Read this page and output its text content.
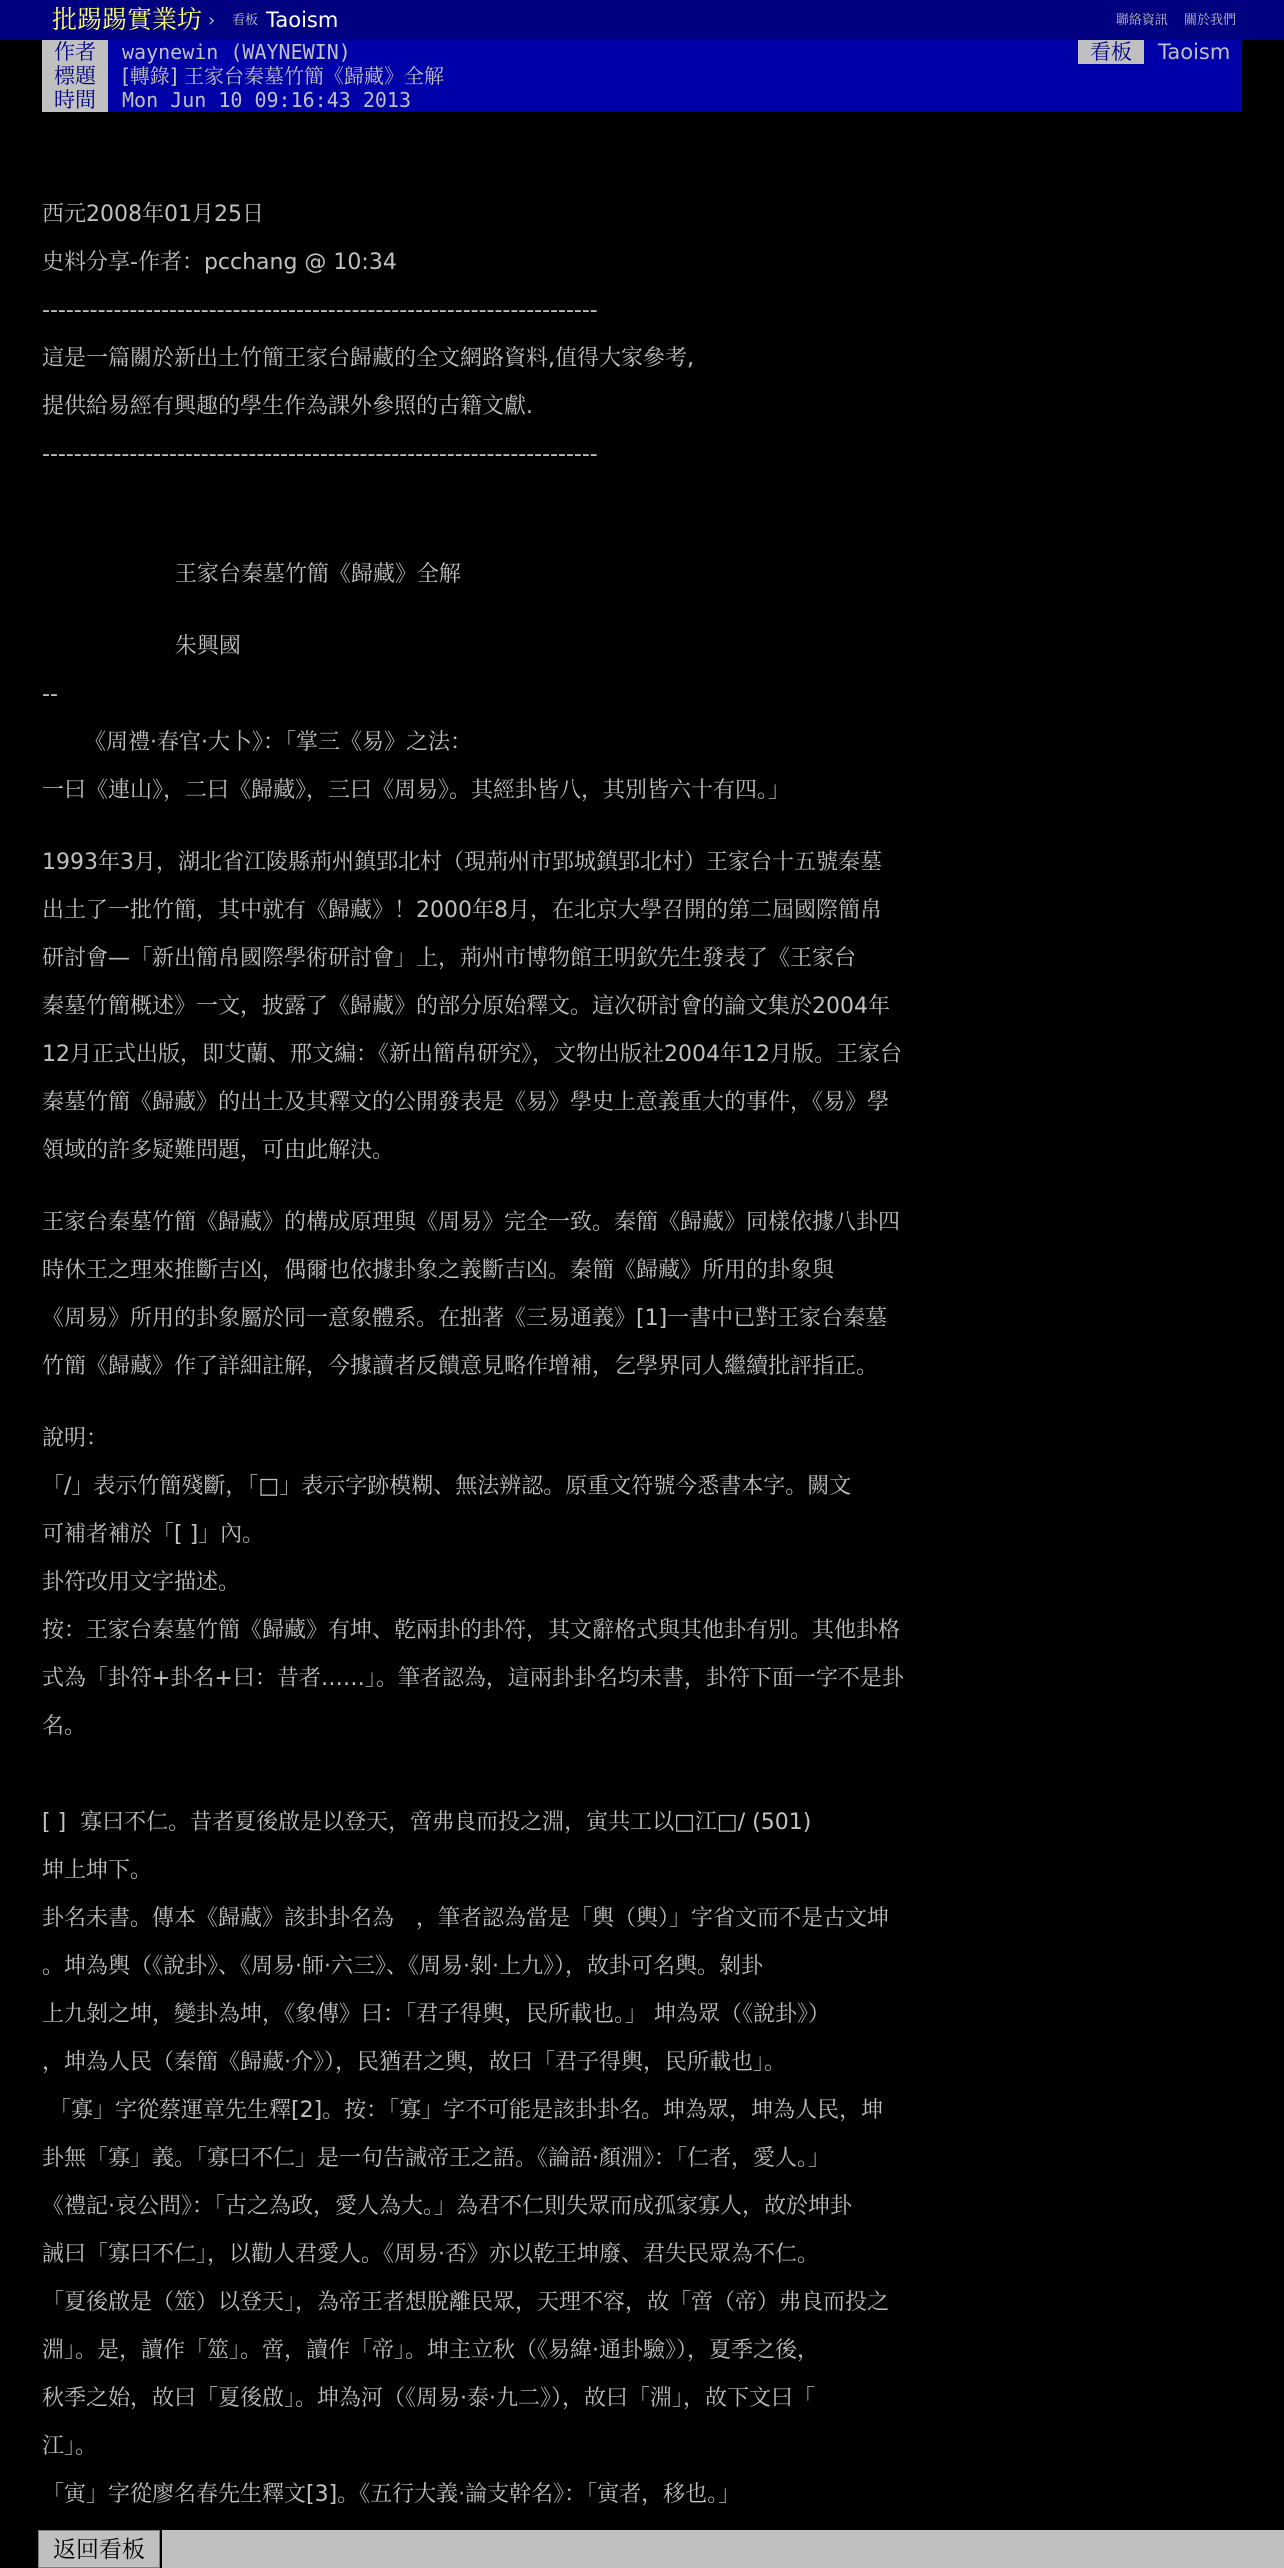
批踢踢實業坊 › 看板 Taoism	聯絡資訊 關於我們
作者	waynewin (WAYNEWIN)	看板	Taoism
標題	[轉錄] 王家台秦墓竹簡《歸藏》全解
時間	Mon Jun 10 09:16:43 2013
西元2008年01月25日
史料分享-作者：pcchang @ 10:34
----------------------------------------------------------------------
這是一篇關於新出土竹簡王家台歸藏的全文網路資料,值得大家參考,
提供給易經有興趣的學生作為課外參照的古籍文獻.
----------------------------------------------------------------------
王家台秦墓竹簡《歸藏》全解
朱興國
--
《周禮·春官·大卜》：「掌三《易》之法：
一曰《連山》，二曰《歸藏》，三曰《周易》。其經卦皆八，其別皆六十有四。」
1993年3月，湖北省江陵縣荊州鎮郢北村（現荊州市郢城鎮郢北村）王家台十五號秦墓
出土了一批竹簡，其中就有《歸藏》！2000年8月，在北京大學召開的第二屆國際簡帛
研討會—「新出簡帛國際學術研討會」上，荊州市博物館王明欽先生發表了《王家台
秦墓竹簡概述》一文，披露了《歸藏》的部分原始釋文。這次研討會的論文集於2004年
12月正式出版，即艾蘭、邢文編：《新出簡帛研究》，文物出版社2004年12月版。王家台
秦墓竹簡《歸藏》的出土及其釋文的公開發表是《易》學史上意義重大的事件，《易》學
領域的許多疑難問題，可由此解決。
王家台秦墓竹簡《歸藏》的構成原理與《周易》完全一致。秦簡《歸藏》同樣依據八卦四
時休王之理來推斷吉凶，偶爾也依據卦象之義斷吉凶。秦簡《歸藏》所用的卦象與
《周易》所用的卦象屬於同一意象體系。在拙著《三易通義》[1]一書中已對王家台秦墓
竹簡《歸藏》作了詳細註解，今據讀者反饋意見略作增補，乞學界同人繼續批評指正。
說明：
「/」表示竹簡殘斷，「□」表示字跡模糊、無法辨認。原重文符號今悉書本字。闕文
可補者補於「[ ]」內。
卦符改用文字描述。
按：王家台秦墓竹簡《歸藏》有坤、乾兩卦的卦符，其文辭格式與其他卦有別。其他卦格
式為「卦符+卦名+曰：昔者……」。筆者認為，這兩卦卦名均未書，卦符下面一字不是卦
名。
[ ]  寡曰不仁。昔者夏後啟是以登天，啻弗良而投之淵，寅共工以□江□/ (501)
坤上坤下。
卦名未書。傳本《歸藏》該卦卦名為　，筆者認為當是「輿（輿）」字省文而不是古文坤
。坤為輿（《說卦》、《周易·師·六三》、《周易·剝·上九》），故卦可名輿。剝卦
上九剝之坤，變卦為坤，《象傳》曰：「君子得輿，民所載也。」 坤為眾（《說卦》）
，坤為人民（秦簡《歸藏·介》），民猶君之輿，故曰「君子得輿，民所載也」。
「寡」字從蔡運章先生釋[2]。按：「寡」字不可能是該卦卦名。坤為眾，坤為人民，坤
卦無「寡」義。「寡曰不仁」是一句告誡帝王之語。《論語·顏淵》：「仁者，愛人。」
《禮記·哀公問》：「古之為政，愛人為大。」為君不仁則失眾而成孤家寡人，故於坤卦
誡曰「寡曰不仁」，以勸人君愛人。《周易·否》亦以乾王坤廢、君失民眾為不仁。
「夏後啟是（筮）以登天」，為帝王者想脫離民眾，天理不容，故「啻（帝）弗良而投之
淵」。是，讀作「筮」。啻，讀作「帝」。坤主立秋（《易緯·通卦驗》），夏季之後，
秋季之始，故曰「夏後啟」。坤為河（《周易·泰·九二》），故曰「淵」，故下文曰「
江」。
「寅」字從廖名春先生釋文[3]。《五行大義·論支幹名》：「寅者，移也。」
返回看板
